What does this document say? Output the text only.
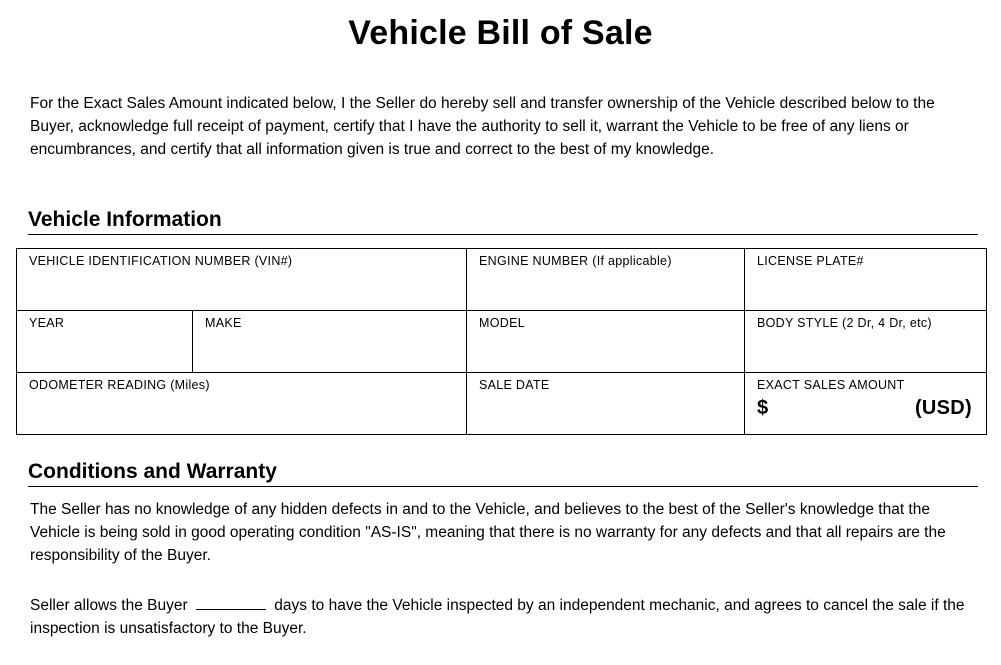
Vehicle Bill of Sale

For the Exact Sales Amount indicated below, I the Seller do hereby sell and transfer ownership of the Vehicle described below to the Buyer, acknowledge full receipt of payment, certify that I have the authority to sell it, warrant the Vehicle to be free of any liens or encumbrances, and certify that all information given is true and correct to the best of my knowledge.

Vehicle Information
VEHICLE IDENTIFICATION NUMBER (VIN#)		ENGINE NUMBER (If applicable)	LICENSE PLATE#
YEAR	MAKE	MODEL	BODY STYLE (2 Dr, 4 Dr, etc)
ODOMETER READING (Miles)		SALE DATE	EXACT SALES AMOUNT
$ (USD)
Conditions and Warranty

The Seller has no knowledge of any hidden defects in and to the Vehicle, and believes to the best of the Seller's knowledge that the Vehicle is being sold in good operating condition "AS-IS", meaning that there is no warranty for any defects and that all repairs are the responsibility of the Buyer.

Seller allows the Buyer	days to have the Vehicle inspected by an independent mechanic, and agrees to cancel the sale if the inspection is unsatisfactory to the Buyer.
